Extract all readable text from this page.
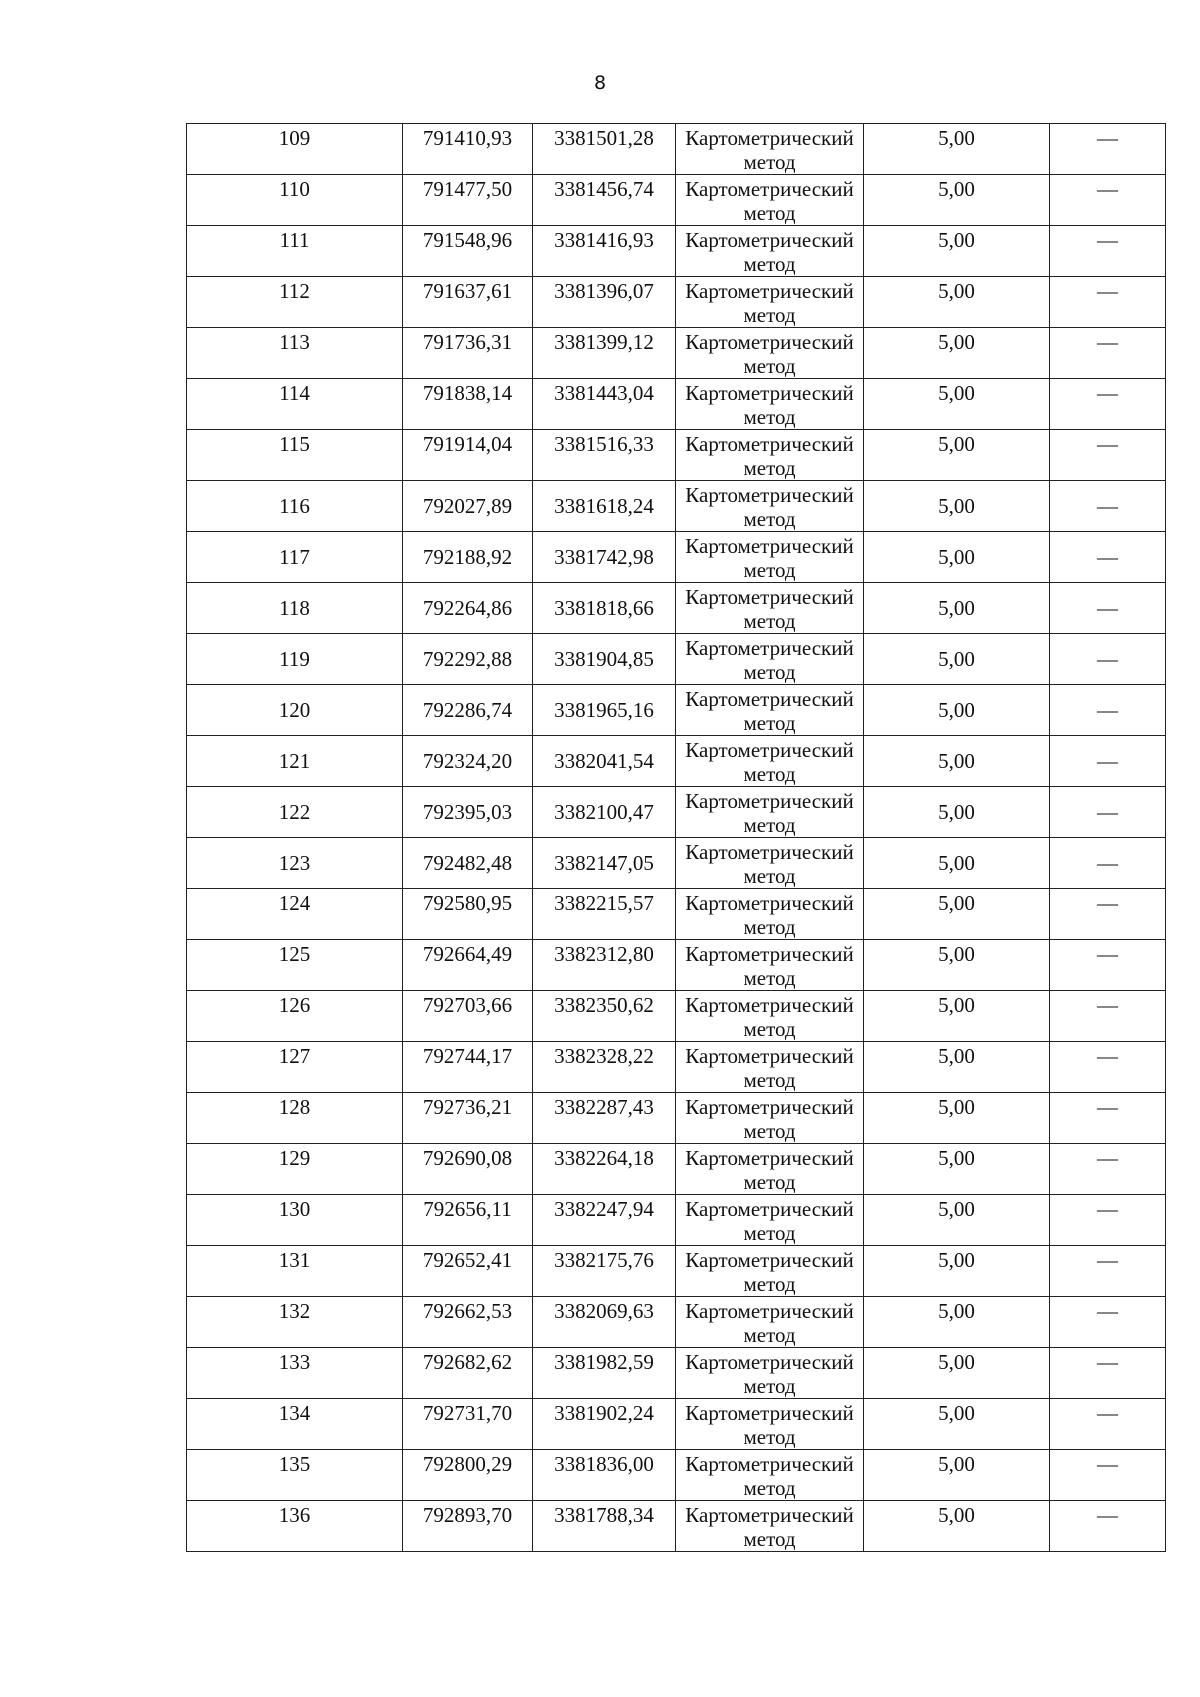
8
109	791410,93	3381501,28	Картометрический метод	5,00	—
110	791477,50	3381456,74	Картометрический метод	5,00	—
111	791548,96	3381416,93	Картометрический метод	5,00	—
112	791637,61	3381396,07	Картометрический метод	5,00	—
113	791736,31	3381399,12	Картометрический метод	5,00	—
114	791838,14	3381443,04	Картометрический метод	5,00	—
115	791914,04	3381516,33	Картометрический метод	5,00	—
116	792027,89	3381618,24	Картометрический метод	5,00	—
117	792188,92	3381742,98	Картометрический метод	5,00	—
118	792264,86	3381818,66	Картометрический метод	5,00	—
119	792292,88	3381904,85	Картометрический метод	5,00	—
120	792286,74	3381965,16	Картометрический метод	5,00	—
121	792324,20	3382041,54	Картометрический метод	5,00	—
122	792395,03	3382100,47	Картометрический метод	5,00	—
123	792482,48	3382147,05	Картометрический метод	5,00	—
124	792580,95	3382215,57	Картометрический метод	5,00	—
125	792664,49	3382312,80	Картометрический метод	5,00	—
126	792703,66	3382350,62	Картометрический метод	5,00	—
127	792744,17	3382328,22	Картометрический метод	5,00	—
128	792736,21	3382287,43	Картометрический метод	5,00	—
129	792690,08	3382264,18	Картометрический метод	5,00	—
130	792656,11	3382247,94	Картометрический метод	5,00	—
131	792652,41	3382175,76	Картометрический метод	5,00	—
132	792662,53	3382069,63	Картометрический метод	5,00	—
133	792682,62	3381982,59	Картометрический метод	5,00	—
134	792731,70	3381902,24	Картометрический метод	5,00	—
135	792800,29	3381836,00	Картометрический метод	5,00	—
136	792893,70	3381788,34	Картометрический метод	5,00	—
